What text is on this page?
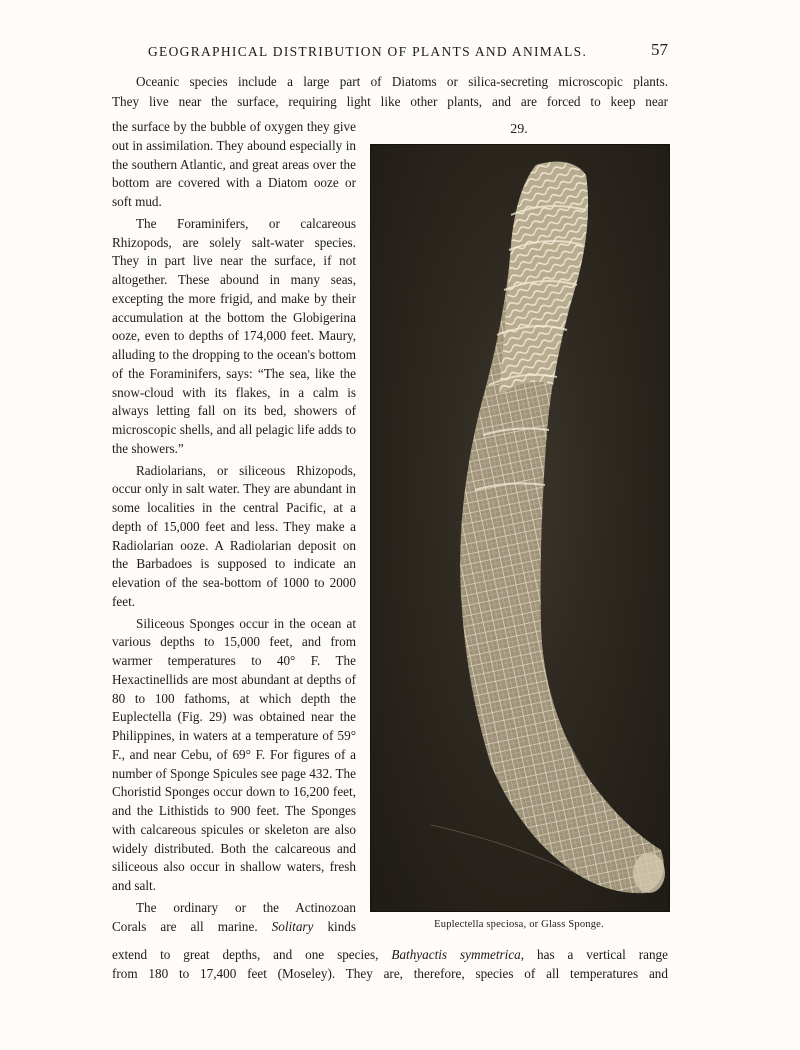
GEOGRAPHICAL DISTRIBUTION OF PLANTS AND ANIMALS.	57
Oceanic species include a large part of Diatoms or silica-secreting microscopic plants.
They live near the surface, requiring light like other plants, and are forced to keep near

the surface by the bubble of oxygen they give out in assimilation. They abound especially in the southern Atlantic, and great areas over the bottom are covered with a Diatom ooze or soft mud.

The Foraminifers, or calcareous Rhizopods, are solely salt-water species. They in part live near the surface, if not altogether. These abound in many seas, excepting the more frigid, and make by their accumulation at the bottom the Globigerina ooze, even to depths of 174,000 feet. Maury, alluding to the dropping to the ocean's bottom of the Foraminifers, says: “The sea, like the snow-cloud with its flakes, in a calm is always letting fall on its bed, showers of microscopic shells, and all pelagic life adds to the showers.”

Radiolarians, or siliceous Rhizopods, occur only in salt water. They are abundant in some localities in the central Pacific, at a depth of 15,000 feet and less. They make a Radiolarian ooze. A Radiolarian deposit on the Barbadoes is supposed to indicate an elevation of the sea-bottom of 1000 to 2000 feet.

Siliceous Sponges occur in the ocean at various depths to 15,000 feet, and from warmer temperatures to 40° F. The Hexactinellids are most abundant at depths of 80 to 100 fathoms, at which depth the Euplectella (Fig. 29) was obtained near the Philippines, in waters at a temperature of 59° F., and near Cebu, of 69° F. For figures of a number of Sponge Spicules see page 432. The Choristid Sponges occur down to 16,200 feet, and the Lithistids to 900 feet. The Sponges with calcareous spicules or skeleton are also widely distributed. Both the calcareous and siliceous also occur in shallow waters, fresh and salt.

The ordinary or the Actinozoan

Corals are all marine. Solitary kinds

29.
Euplectella speciosa, or Glass Sponge.
extend to great depths, and one species, Bathyactis symmetrica, has a vertical range
from 180 to 17,400 feet (Moseley). They are, therefore, species of all temperatures and
